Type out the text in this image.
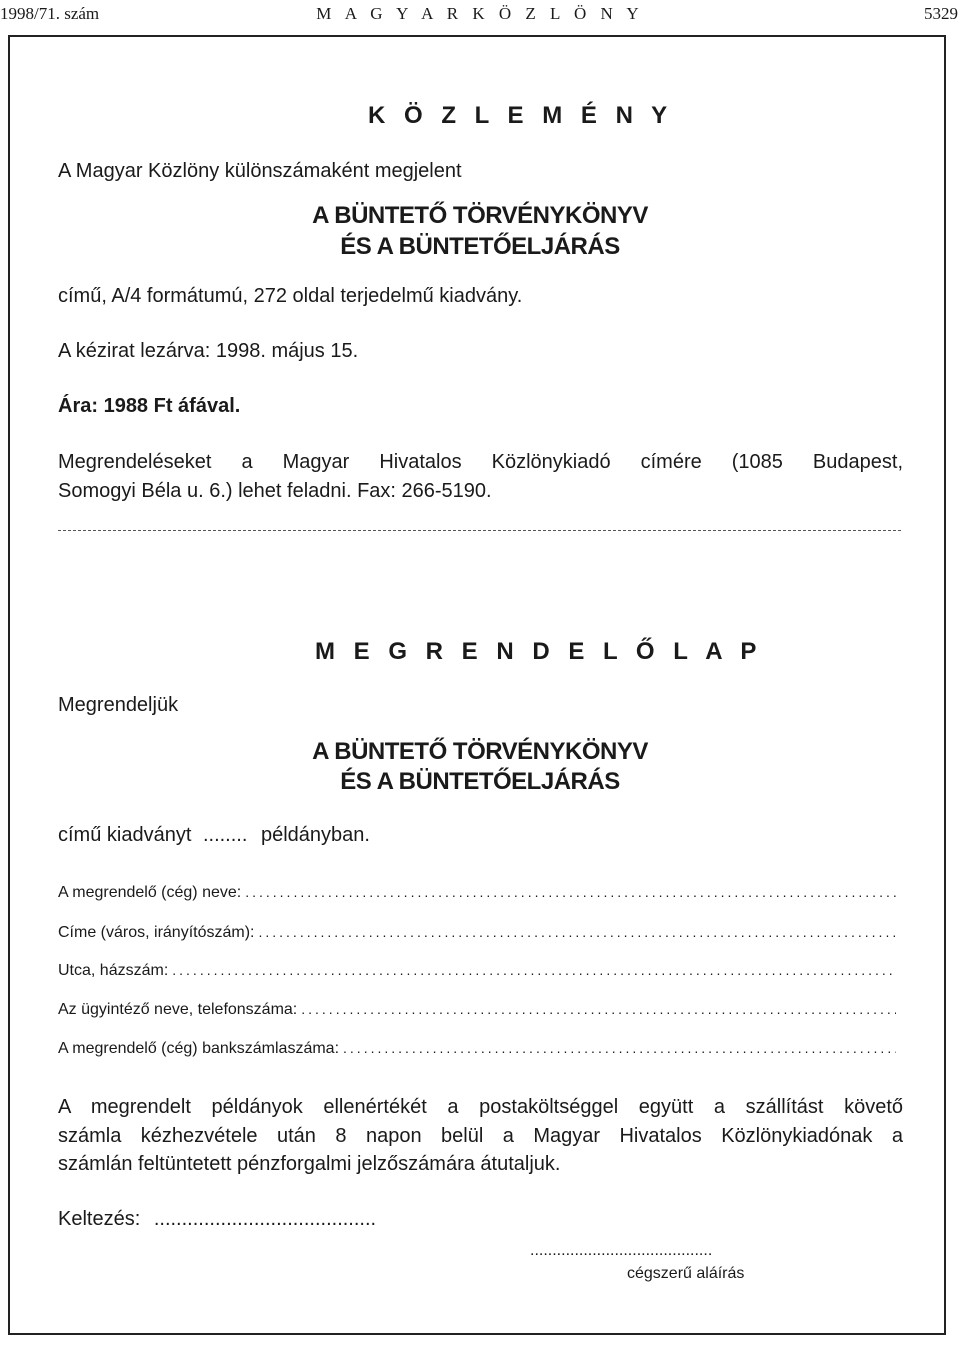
1998/71. szám	M A G Y A R K Ö Z L Ö N Y	5329
K Ö Z L E M É N Y
A Magyar Közlöny különszámaként megjelent
A BÜNTETŐ TÖRVÉNYKÖNYV
ÉS A BÜNTETŐELJÁRÁS
című, A/4 formátumú, 272 oldal terjedelmű kiadvány.
A kézirat lezárva: 1998. május 15.
Ára: 1988 Ft áfával.
Megrendeléseket a Magyar Hivatalos Közlönykiadó címére (1085 Budapest,
Somogyi Béla u. 6.) lehet feladni. Fax: 266-5190.
M E G R E N D E L Ő L A P
Megrendeljük
A BÜNTETŐ TÖRVÉNYKÖNYV
ÉS A BÜNTETŐELJÁRÁS
című kiadványt ........ példányban.
A megrendelő (cég) neve:
.....
Címe (város, irányítószám):
.....
Utca, házszám:
.....
Az ügyintéző neve, telefonszáma:
.....
A megrendelő (cég) bankszámlaszáma:
.....
A megrendelt példányok ellenértékét a postaköltséggel együtt a szállítást követő
számla kézhezvétele után 8 napon belül a Magyar Hivatalos Közlönykiadónak a
számlán feltüntetett pénzforgalmi jelzőszámára átutaljuk.
Keltezés: ........................................
.........................................
cégszerű aláírás
